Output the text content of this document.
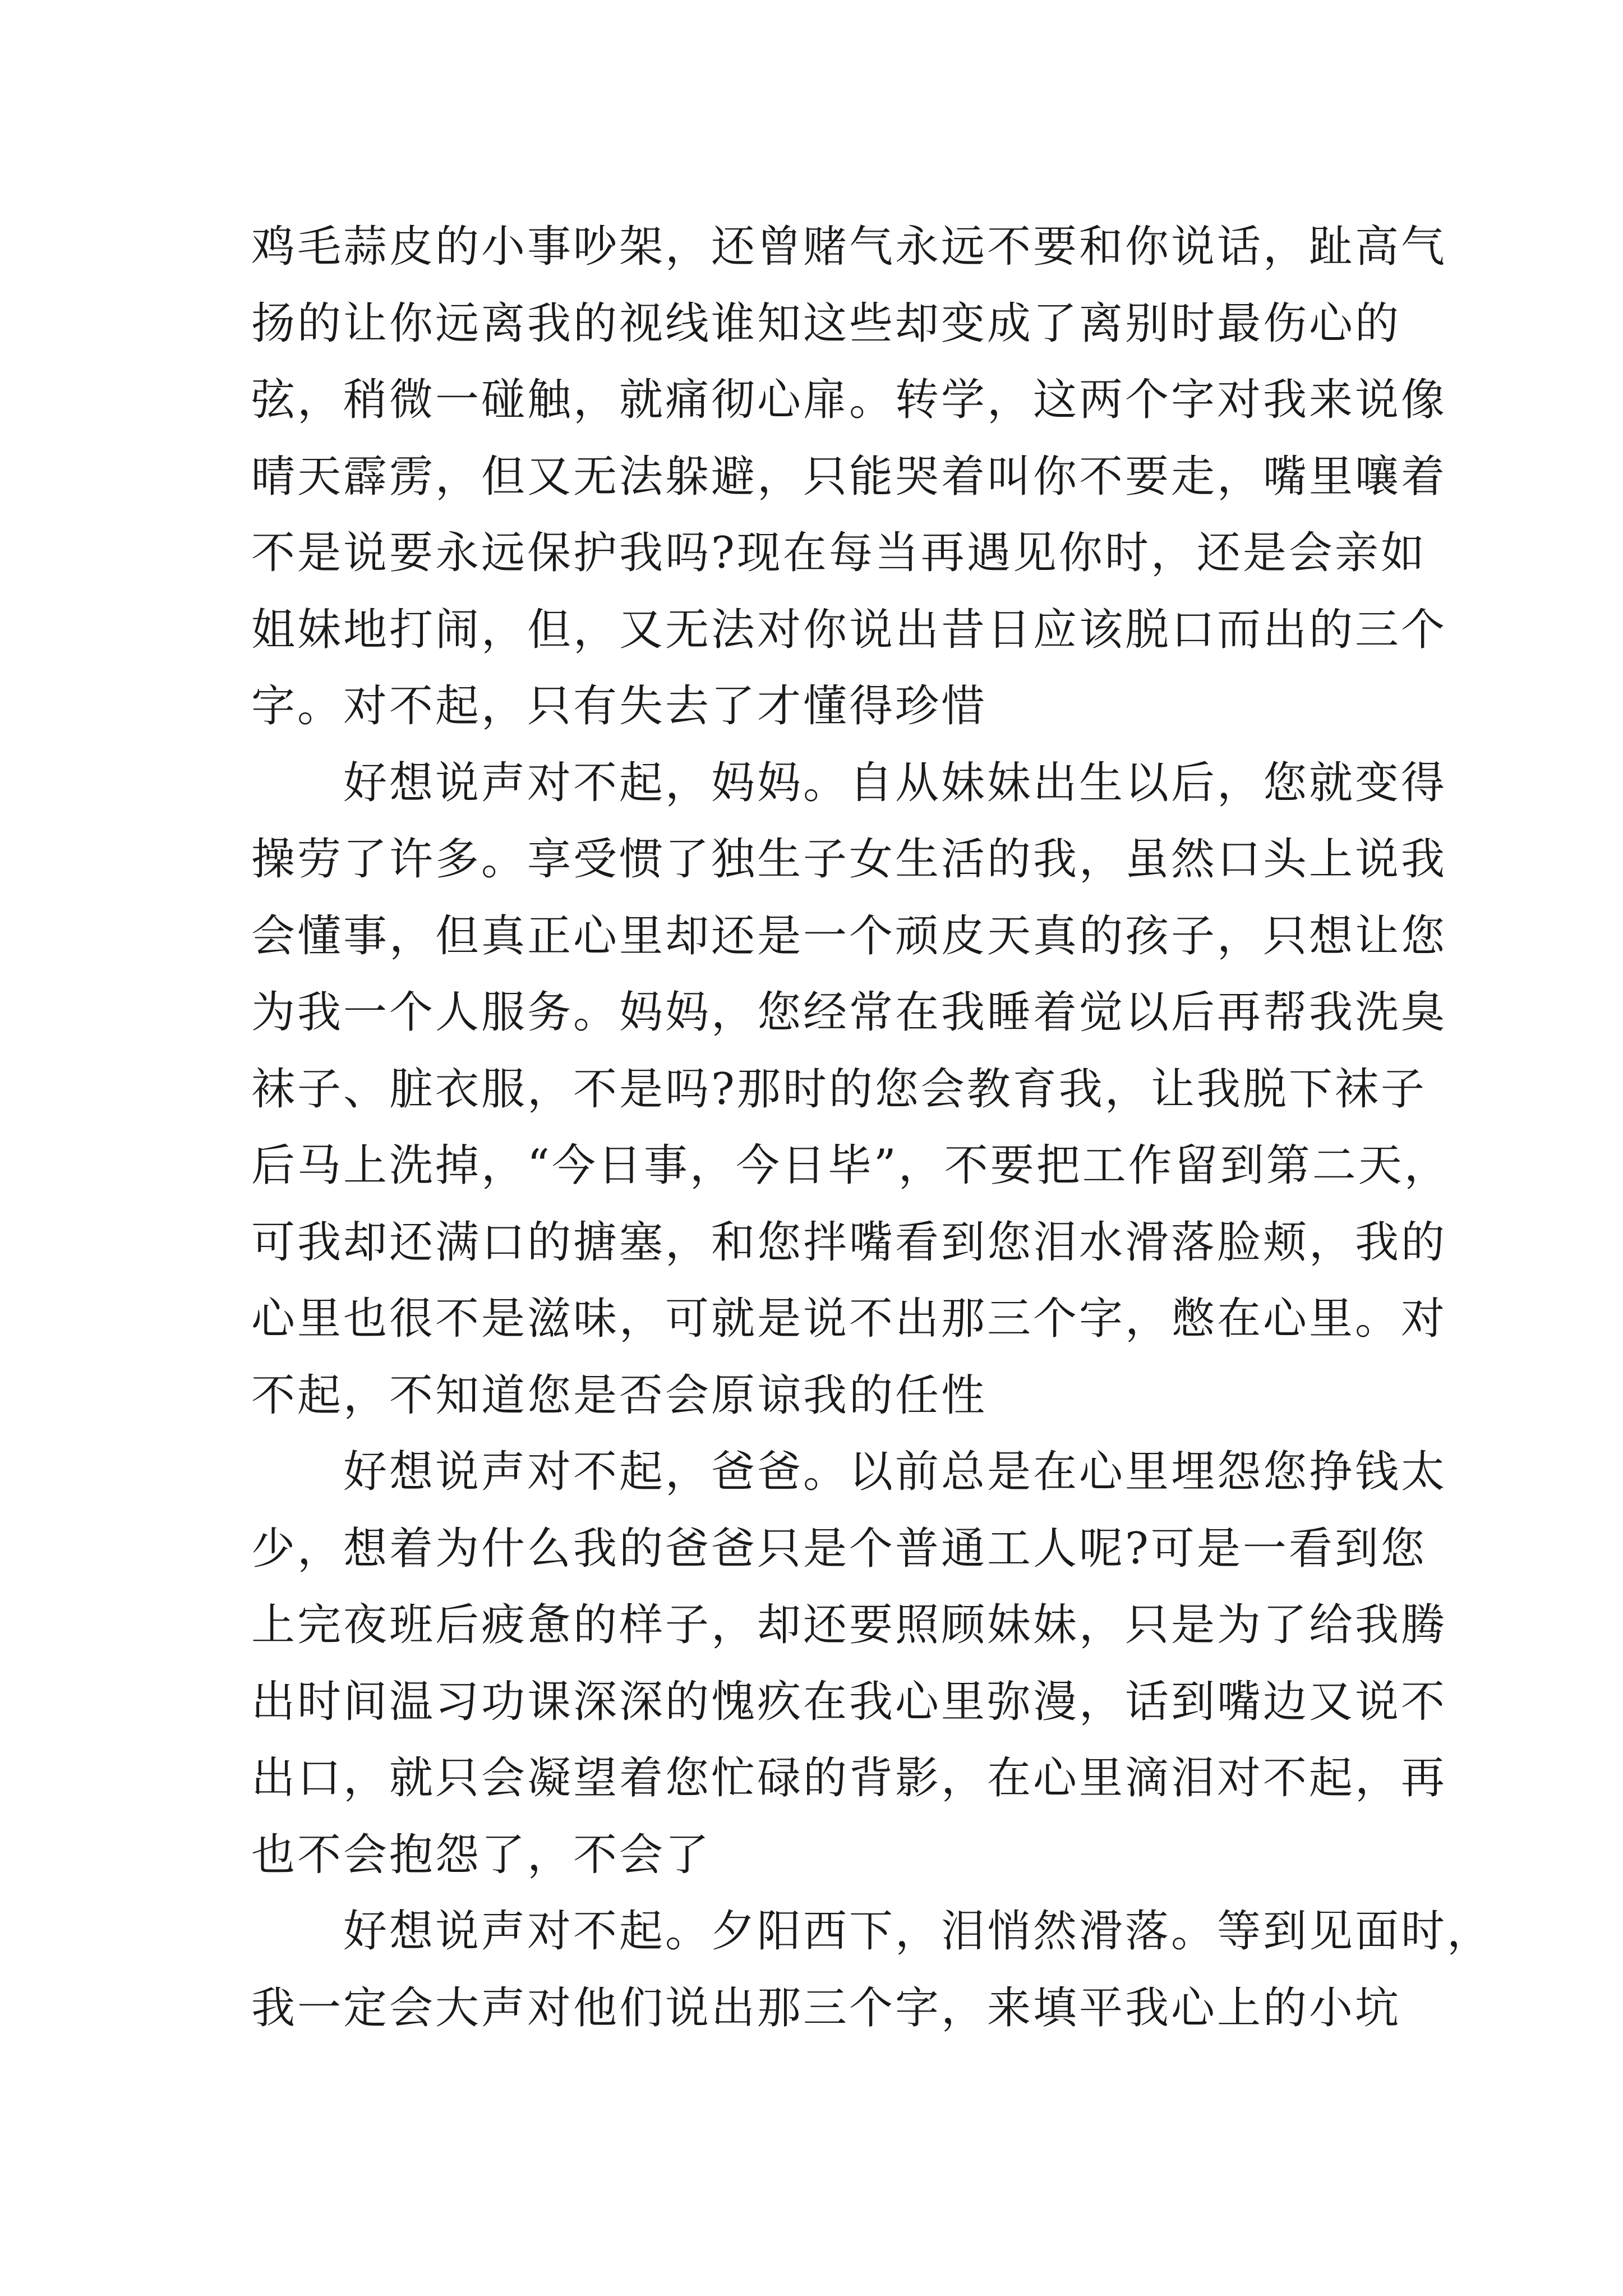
鸡毛蒜皮的小事吵架，还曾赌气永远不要和你说话，趾高气
扬的让你远离我的视线谁知这些却变成了离别时最伤心的
弦，稍微一碰触，就痛彻心扉。转学，这两个字对我来说像
晴天霹雳，但又无法躲避，只能哭着叫你不要走，嘴里嚷着
不是说要永远保护我吗?现在每当再遇见你时，还是会亲如
姐妹地打闹，但，又无法对你说出昔日应该脱口而出的三个
字。对不起，只有失去了才懂得珍惜
　　好想说声对不起，妈妈。自从妹妹出生以后，您就变得
操劳了许多。享受惯了独生子女生活的我，虽然口头上说我
会懂事，但真正心里却还是一个顽皮天真的孩子，只想让您
为我一个人服务。妈妈，您经常在我睡着觉以后再帮我洗臭
袜子、脏衣服，不是吗?那时的您会教育我，让我脱下袜子
后马上洗掉，“今日事，今日毕”，不要把工作留到第二天，
可我却还满口的搪塞，和您拌嘴看到您泪水滑落脸颊，我的
心里也很不是滋味，可就是说不出那三个字，憋在心里。对
不起，不知道您是否会原谅我的任性
　　好想说声对不起，爸爸。以前总是在心里埋怨您挣钱太
少，想着为什么我的爸爸只是个普通工人呢?可是一看到您
上完夜班后疲惫的样子，却还要照顾妹妹，只是为了给我腾
出时间温习功课深深的愧疚在我心里弥漫，话到嘴边又说不
出口，就只会凝望着您忙碌的背影，在心里滴泪对不起，再
也不会抱怨了，不会了
　　好想说声对不起。夕阳西下，泪悄然滑落。等到见面时，
我一定会大声对他们说出那三个字，来填平我心上的小坑
